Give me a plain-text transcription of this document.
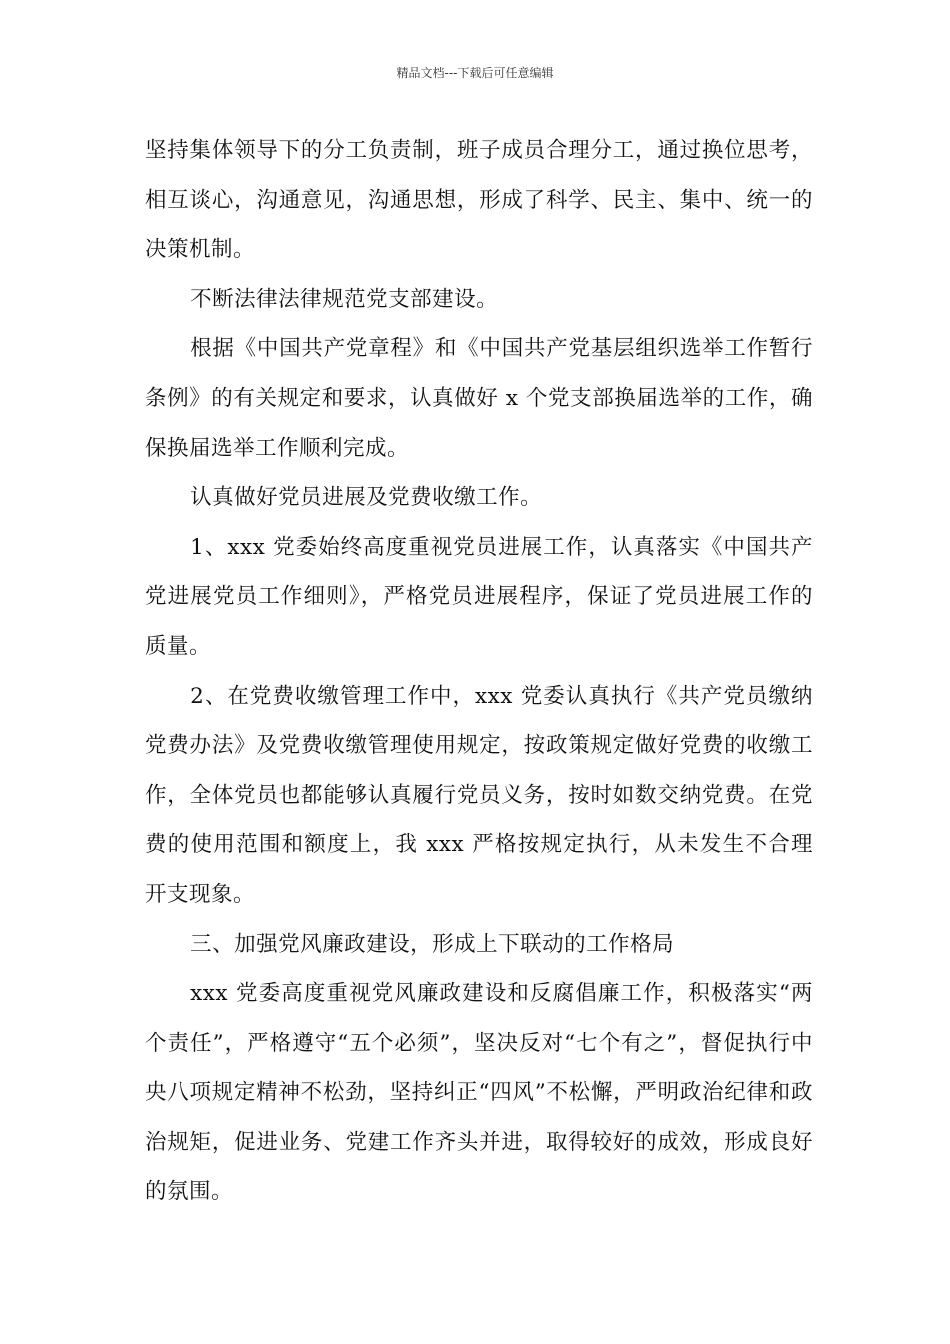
精品文档---下载后可任意编辑

坚持集体领导下的分工负责制，班子成员合理分工，通过换位思考，相互谈心，沟通意见，沟通思想，形成了科学、民主、集中、统一的决策机制。

不断法律法律规范党支部建设。

根据《中国共产党章程》和《中国共产党基层组织选举工作暂行条例》的有关规定和要求，认真做好 x 个党支部换届选举的工作，确保换届选举工作顺利完成。

认真做好党员进展及党费收缴工作。

1、xxx 党委始终高度重视党员进展工作，认真落实《中国共产党进展党员工作细则》，严格党员进展程序，保证了党员进展工作的质量。

2、在党费收缴管理工作中，xxx 党委认真执行《共产党员缴纳党费办法》及党费收缴管理使用规定，按政策规定做好党费的收缴工作，全体党员也都能够认真履行党员义务，按时如数交纳党费。在党费的使用范围和额度上，我 xxx 严格按规定执行，从未发生不合理开支现象。

三、加强党风廉政建设，形成上下联动的工作格局

xxx 党委高度重视党风廉政建设和反腐倡廉工作，积极落实“两个责任”，严格遵守“五个必须”，坚决反对“七个有之”，督促执行中央八项规定精神不松劲，坚持纠正“四风”不松懈，严明政治纪律和政治规矩，促进业务、党建工作齐头并进，取得较好的成效，形成良好的氛围。
